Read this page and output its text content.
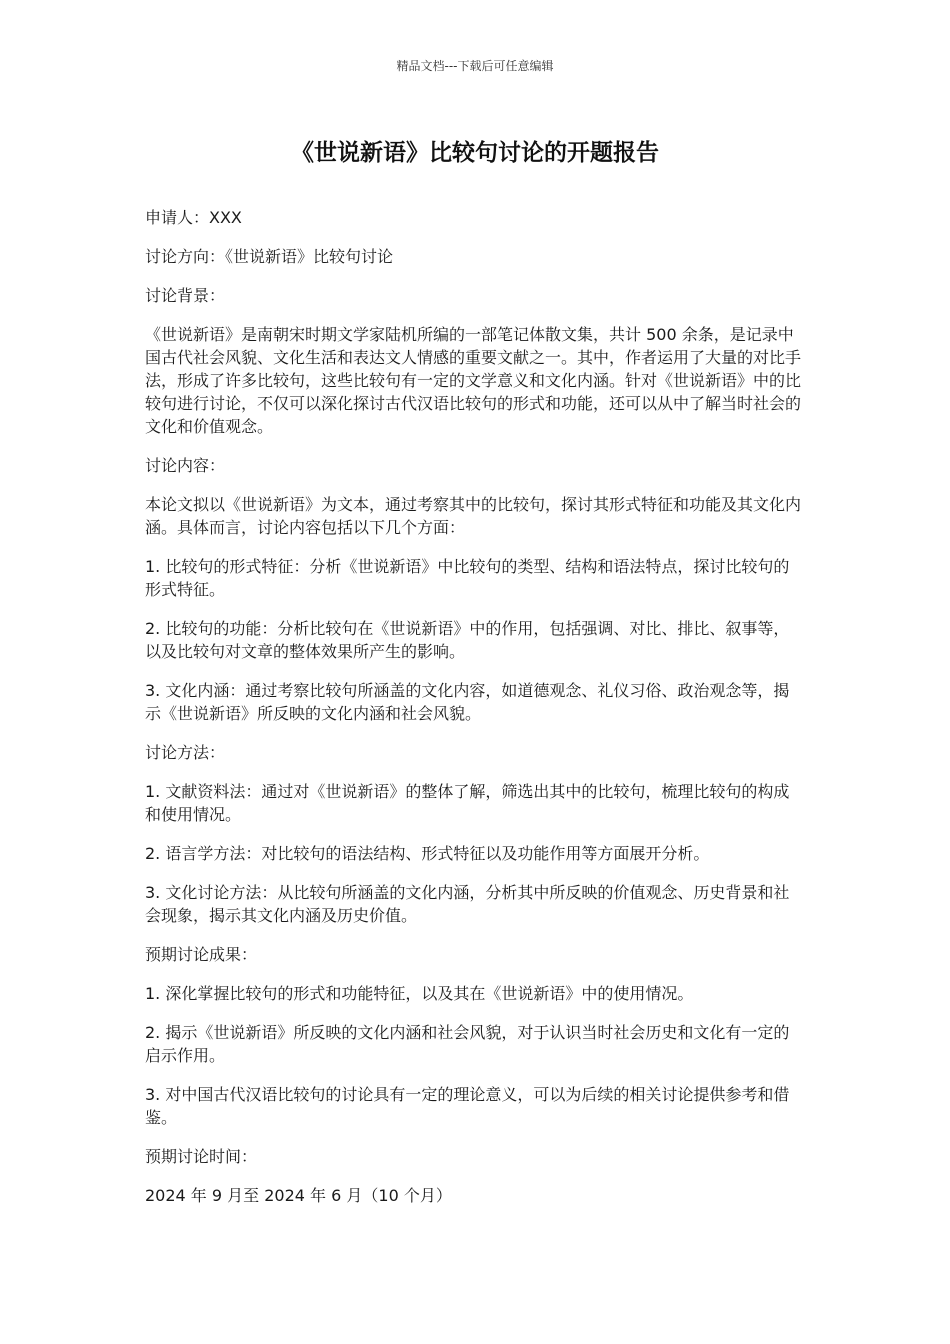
精品文档---下载后可任意编辑
《世说新语》比较句讨论的开题报告

申请人：XXX

讨论方向：《世说新语》比较句讨论

讨论背景：

《世说新语》是南朝宋时期文学家陆机所编的一部笔记体散文集，共计 500 余条，是记录中国古代社会风貌、文化生活和表达文人情感的重要文献之一。其中，作者运用了大量的对比手法，形成了许多比较句，这些比较句有一定的文学意义和文化内涵。针对《世说新语》中的比较句进行讨论，不仅可以深化探讨古代汉语比较句的形式和功能，还可以从中了解当时社会的文化和价值观念。

讨论内容：

本论文拟以《世说新语》为文本，通过考察其中的比较句，探讨其形式特征和功能及其文化内涵。具体而言，讨论内容包括以下几个方面：

1. 比较句的形式特征：分析《世说新语》中比较句的类型、结构和语法特点，探讨比较句的形式特征。

2. 比较句的功能：分析比较句在《世说新语》中的作用，包括强调、对比、排比、叙事等，以及比较句对文章的整体效果所产生的影响。

3. 文化内涵：通过考察比较句所涵盖的文化内容，如道德观念、礼仪习俗、政治观念等，揭示《世说新语》所反映的文化内涵和社会风貌。

讨论方法：

1. 文献资料法：通过对《世说新语》的整体了解，筛选出其中的比较句，梳理比较句的构成和使用情况。

2. 语言学方法：对比较句的语法结构、形式特征以及功能作用等方面展开分析。

3. 文化讨论方法：从比较句所涵盖的文化内涵，分析其中所反映的价值观念、历史背景和社会现象，揭示其文化内涵及历史价值。

预期讨论成果：

1. 深化掌握比较句的形式和功能特征，以及其在《世说新语》中的使用情况。

2. 揭示《世说新语》所反映的文化内涵和社会风貌，对于认识当时社会历史和文化有一定的启示作用。

3. 对中国古代汉语比较句的讨论具有一定的理论意义，可以为后续的相关讨论提供参考和借鉴。

预期讨论时间：

2024 年 9 月至 2024 年 6 月（10 个月）
